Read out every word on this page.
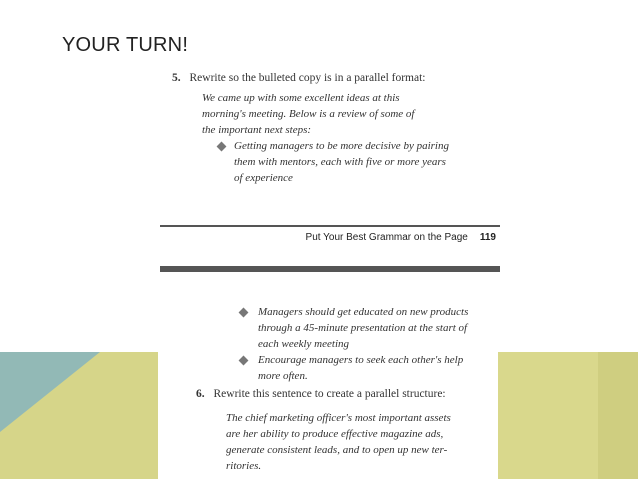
YOUR TURN!
5. Rewrite so the bulleted copy is in a parallel format:
We came up with some excellent ideas at this
morning's meeting. Below is a review of some of
the important next steps:
Getting managers to be more decisive by pairing
them with mentors, each with five or more years
of experience
Put Your Best Grammar on the Page 119
Managers should get educated on new products
through a 45-minute presentation at the start of
each weekly meeting
Encourage managers to seek each other's help
more often.
6. Rewrite this sentence to create a parallel structure:
The chief marketing officer's most important assets
are her ability to produce effective magazine ads,
generate consistent leads, and to open up new ter-
ritories.
